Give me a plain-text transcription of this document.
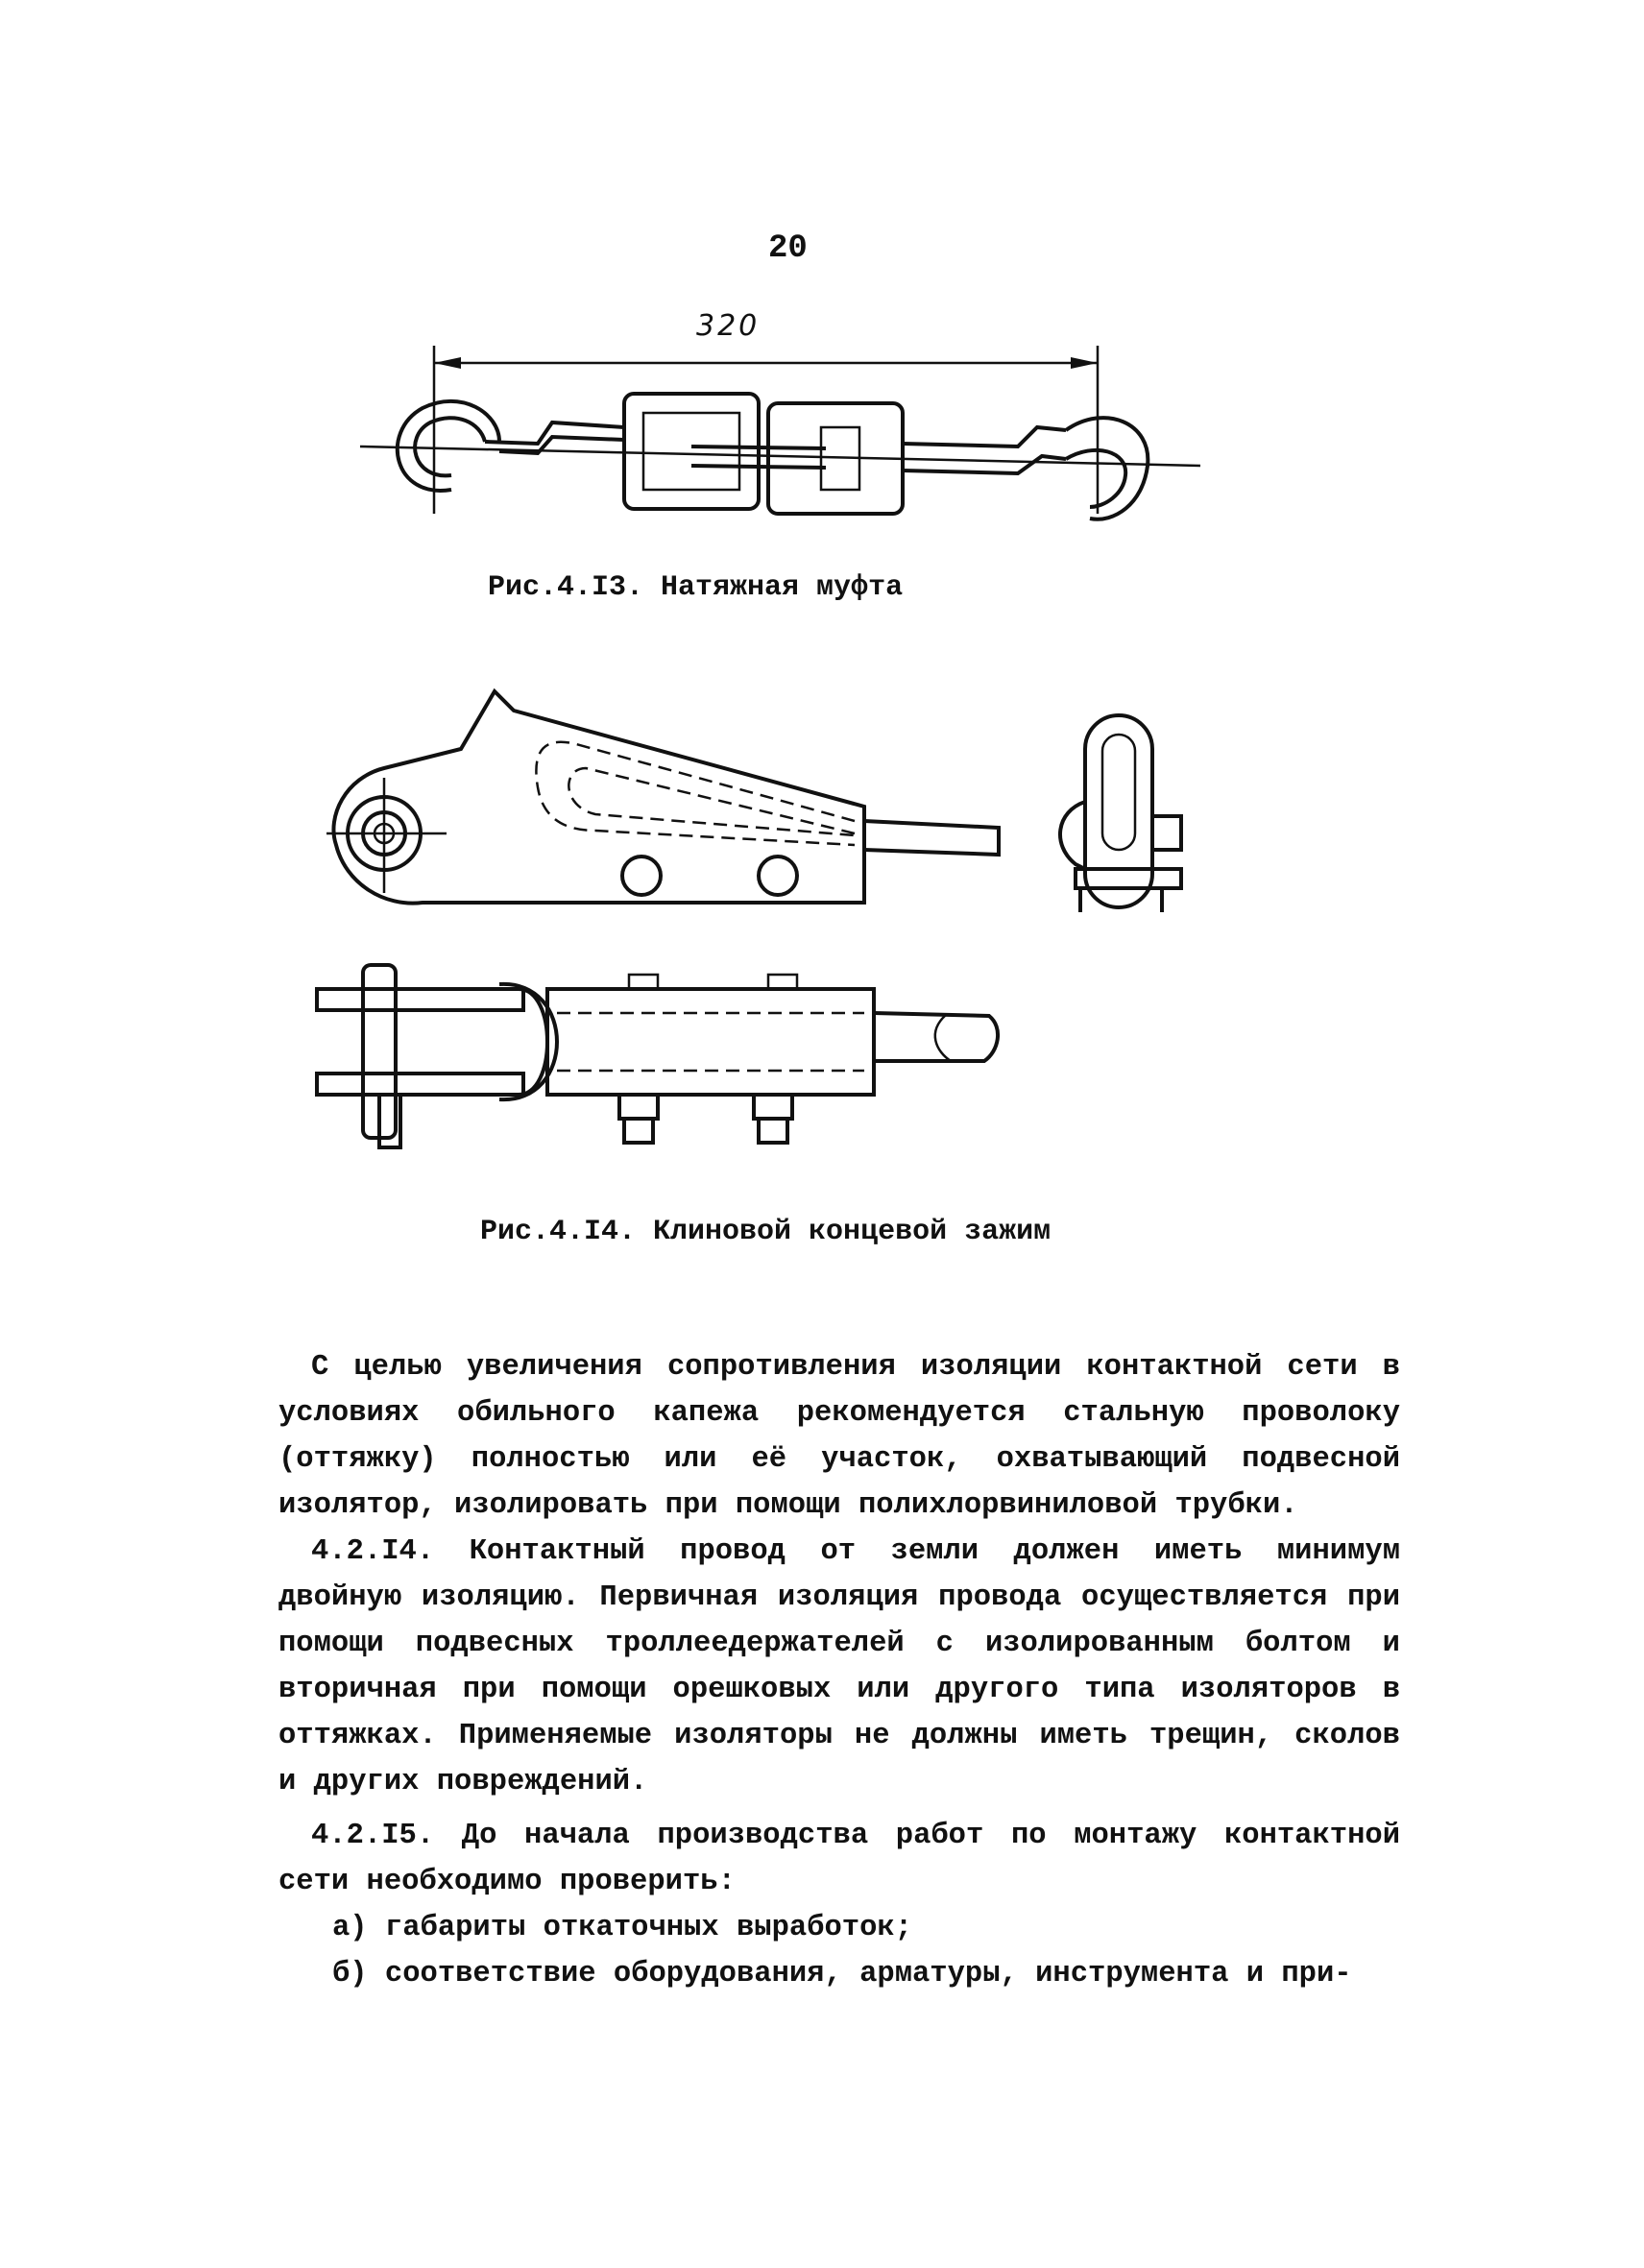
20
320
Рис.4.I3. Натяжная муфта
Рис.4.I4. Клиновой концевой зажим

С целью увеличения сопротивления изоляции контактной сети в условиях обильного капежа рекомендуется стальную проволоку (оттяжку) полностью или её участок, охватывающий подвесной изолятор, изолировать при помощи полихлорвиниловой трубки.

4.2.I4. Контактный провод от земли должен иметь минимум двойную изоляцию. Первичная изоляция провода осуществляется при помощи подвесных троллеедержателей с изолированным болтом и вторичная при помощи орешковых или другого типа изоляторов в оттяжках. Применяемые изоляторы не должны иметь трещин, сколов и других повреждений.

4.2.I5. До начала производства работ по монтажу контактной сети необходимо проверить:

а) габариты откаточных выработок;

б) соответствие оборудования, арматуры, инструмента и при-
